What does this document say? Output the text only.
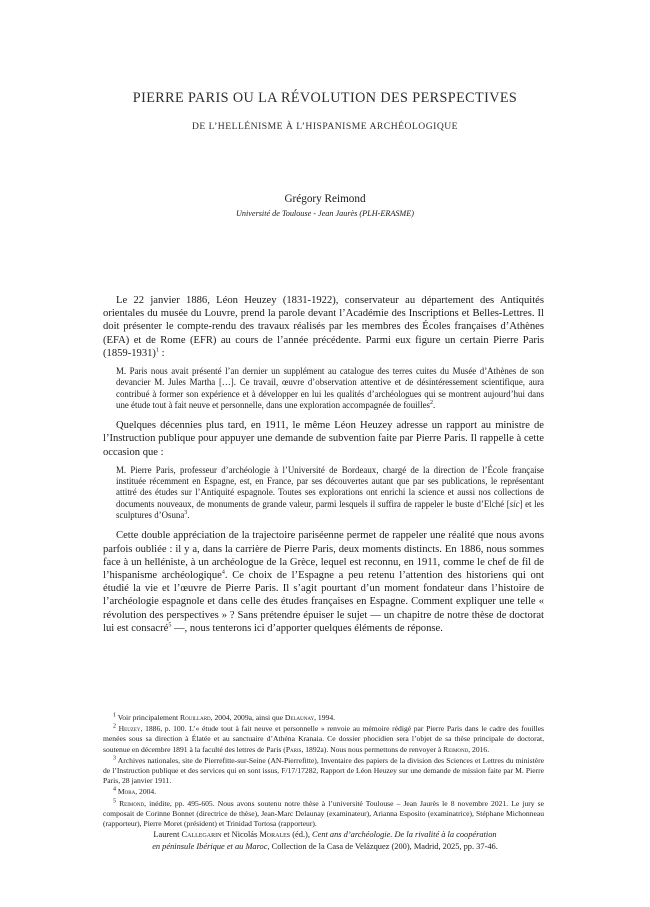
PIERRE PARIS OU LA RÉVOLUTION DES PERSPECTIVES
DE L’HELLÉNISME À L’HISPANISME ARCHÉOLOGIQUE
Grégory Reimond
Université de Toulouse - Jean Jaurès (PLH-ERASME)

Le 22 janvier 1886, Léon Heuzey (1831-1922), conservateur au département des Antiquités orientales du musée du Louvre, prend la parole devant l’Académie des Inscriptions et Belles-Lettres. Il doit présenter le compte-rendu des travaux réalisés par les membres des Écoles françaises d’Athènes (EFA) et de Rome (EFR) au cours de l’année précédente. Parmi eux figure un certain Pierre Paris (1859-1931)$^1$ :

M. Paris nous avait présenté l’an dernier un supplément au catalogue des terres cuites du Musée d’Athènes de son devancier M. Jules Martha […]. Ce travail, œuvre d’observation attentive et de désintéressement scientifique, aura contribué à former son expérience et à développer en lui les qualités d’archéologues qui se montrent aujourd’hui dans une étude tout à fait neuve et personnelle, dans une exploration accompagnée de fouilles$^2$.

Quelques décennies plus tard, en 1911, le même Léon Heuzey adresse un rapport au ministre de l’Instruction publique pour appuyer une demande de subvention faite par Pierre Paris. Il rappelle à cette occasion que :

M. Pierre Paris, professeur d’archéologie à l’Université de Bordeaux, chargé de la direction de l’École française instituée récemment en Espagne, est, en France, par ses découvertes autant que par ses publications, le représentant attitré des études sur l’Antiquité espagnole. Toutes ses explorations ont enrichi la science et aussi nos collections de documents nouveaux, de monuments de grande valeur, parmi lesquels il suffira de rappeler le buste d’Elché [sic] et les sculptures d’Osuna$^3$.

Cette double appréciation de la trajectoire pariséenne permet de rappeler une réalité que nous avons parfois oubliée : il y a, dans la carrière de Pierre Paris, deux moments distincts. En 1886, nous sommes face à un helléniste, à un archéologue de la Grèce, lequel est reconnu, en 1911, comme le chef de fil de l’hispanisme archéologique$^4$. Ce choix de l’Espagne a peu retenu l’attention des historiens qui ont étudié la vie et l’œuvre de Pierre Paris. Il s’agit pourtant d’un moment fondateur dans l’histoire de l’archéologie espagnole et dans celle des études françaises en Espagne. Comment expliquer une telle « révolution des perspectives » ? Sans prétendre épuiser le sujet — un chapitre de notre thèse de doctorat lui est consacré$^5$ —, nous tenterons ici d’apporter quelques éléments de réponse.

$^1$ Voir principalement Rouillard, 2004, 2009a, ainsi que Delaunay, 1994.

$^2$ Heuzey, 1886, p. 100. L’« étude tout à fait neuve et personnelle » renvoie au mémoire rédigé par Pierre Paris dans le cadre des fouilles menées sous sa direction à Élatée et au sanctuaire d’Athéna Kranaia. Ce dossier phocidien sera l’objet de sa thèse principale de doctorat, soutenue en décembre 1891 à la faculté des lettres de Paris (Paris, 1892a). Nous nous permettons de renvoyer à Reimond, 2016.

$^3$ Archives nationales, site de Pierrefitte-sur-Seine (AN-Pierrefitte), Inventaire des papiers de la division des Sciences et Lettres du ministère de l’Instruction publique et des services qui en sont issus, F/17/17282, Rapport de Léon Heuzey sur une demande de mission faite par M. Pierre Paris, 28 janvier 1911.

$^4$ Mora, 2004.

$^5$ Reimond, inédite, pp. 495-605. Nous avons soutenu notre thèse à l’université Toulouse – Jean Jaurès le 8 novembre 2021. Le jury se composait de Corinne Bonnet (directrice de thèse), Jean-Marc Delaunay (examinateur), Arianna Esposito (examinatrice), Stéphane Michonneau (rapporteur), Pierre Moret (président) et Trinidad Tortosa (rapporteur).

Laurent Callegarin et Nicolás Morales (éd.), Cent ans d’archéologie. De la rivalité à la coopération
en péninsule Ibérique et au Maroc, Collection de la Casa de Velázquez (200), Madrid, 2025, pp. 37-46.
